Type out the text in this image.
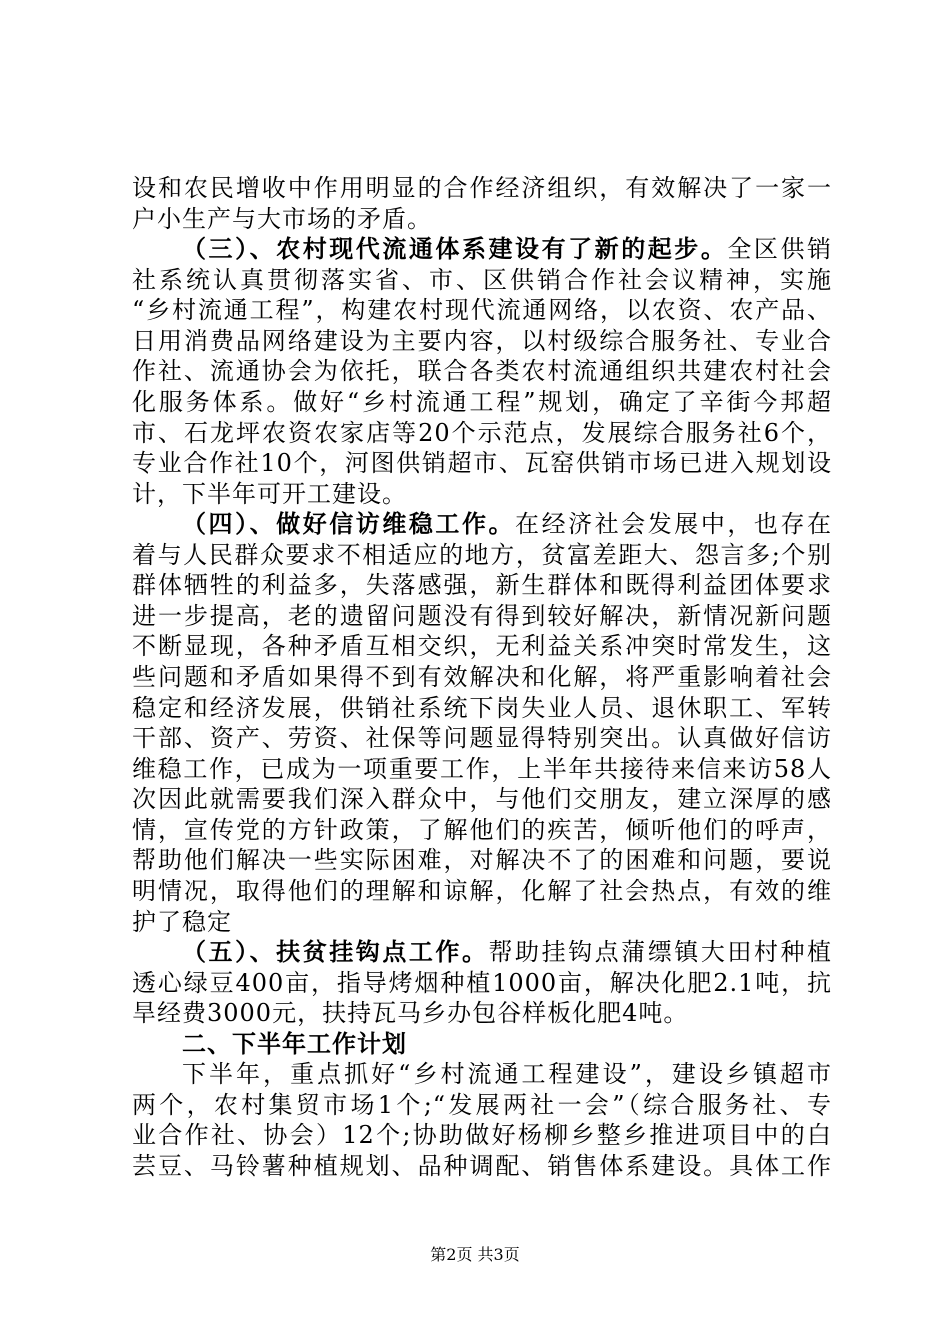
设和农民增收中作用明显的合作经济组织，有效解决了一家一
户小生产与大市场的矛盾。
（三）、农村现代流通体系建设有了新的起步。全区供销
社系统认真贯彻落实省、市、区供销合作社会议精神，实施
“乡村流通工程”，构建农村现代流通网络，以农资、农产品、
日用消费品网络建设为主要内容，以村级综合服务社、专业合
作社、流通协会为依托，联合各类农村流通组织共建农村社会
化服务体系。做好“乡村流通工程”规划，确定了辛街今邦超
市、石龙坪农资农家店等20个示范点，发展综合服务社6个，
专业合作社10个，河图供销超市、瓦窑供销市场已进入规划设
计，下半年可开工建设。
（四）、做好信访维稳工作。在经济社会发展中，也存在
着与人民群众要求不相适应的地方，贫富差距大、怨言多;个别
群体牺牲的利益多，失落感强，新生群体和既得利益团体要求
进一步提高，老的遗留问题没有得到较好解决，新情况新问题
不断显现，各种矛盾互相交织，无利益关系冲突时常发生，这
些问题和矛盾如果得不到有效解决和化解，将严重影响着社会
稳定和经济发展，供销社系统下岗失业人员、退休职工、军转
干部、资产、劳资、社保等问题显得特别突出。认真做好信访
维稳工作，已成为一项重要工作，上半年共接待来信来访58人
次因此就需要我们深入群众中，与他们交朋友，建立深厚的感
情，宣传党的方针政策，了解他们的疾苦，倾听他们的呼声，
帮助他们解决一些实际困难，对解决不了的困难和问题，要说
明情况，取得他们的理解和谅解，化解了社会热点，有效的维
护了稳定
（五）、扶贫挂钩点工作。帮助挂钩点蒲缥镇大田村种植
透心绿豆400亩，指导烤烟种植1000亩，解决化肥2.1吨，抗
旱经费3000元，扶持瓦马乡办包谷样板化肥4吨。
二、下半年工作计划
下半年，重点抓好“乡村流通工程建设”，建设乡镇超市
两个，农村集贸市场1个;“发展两社一会”（综合服务社、专
业合作社、协会）12个;协助做好杨柳乡整乡推进项目中的白
芸豆、马铃薯种植规划、品种调配、销售体系建设。具体工作
第2页 共3页
